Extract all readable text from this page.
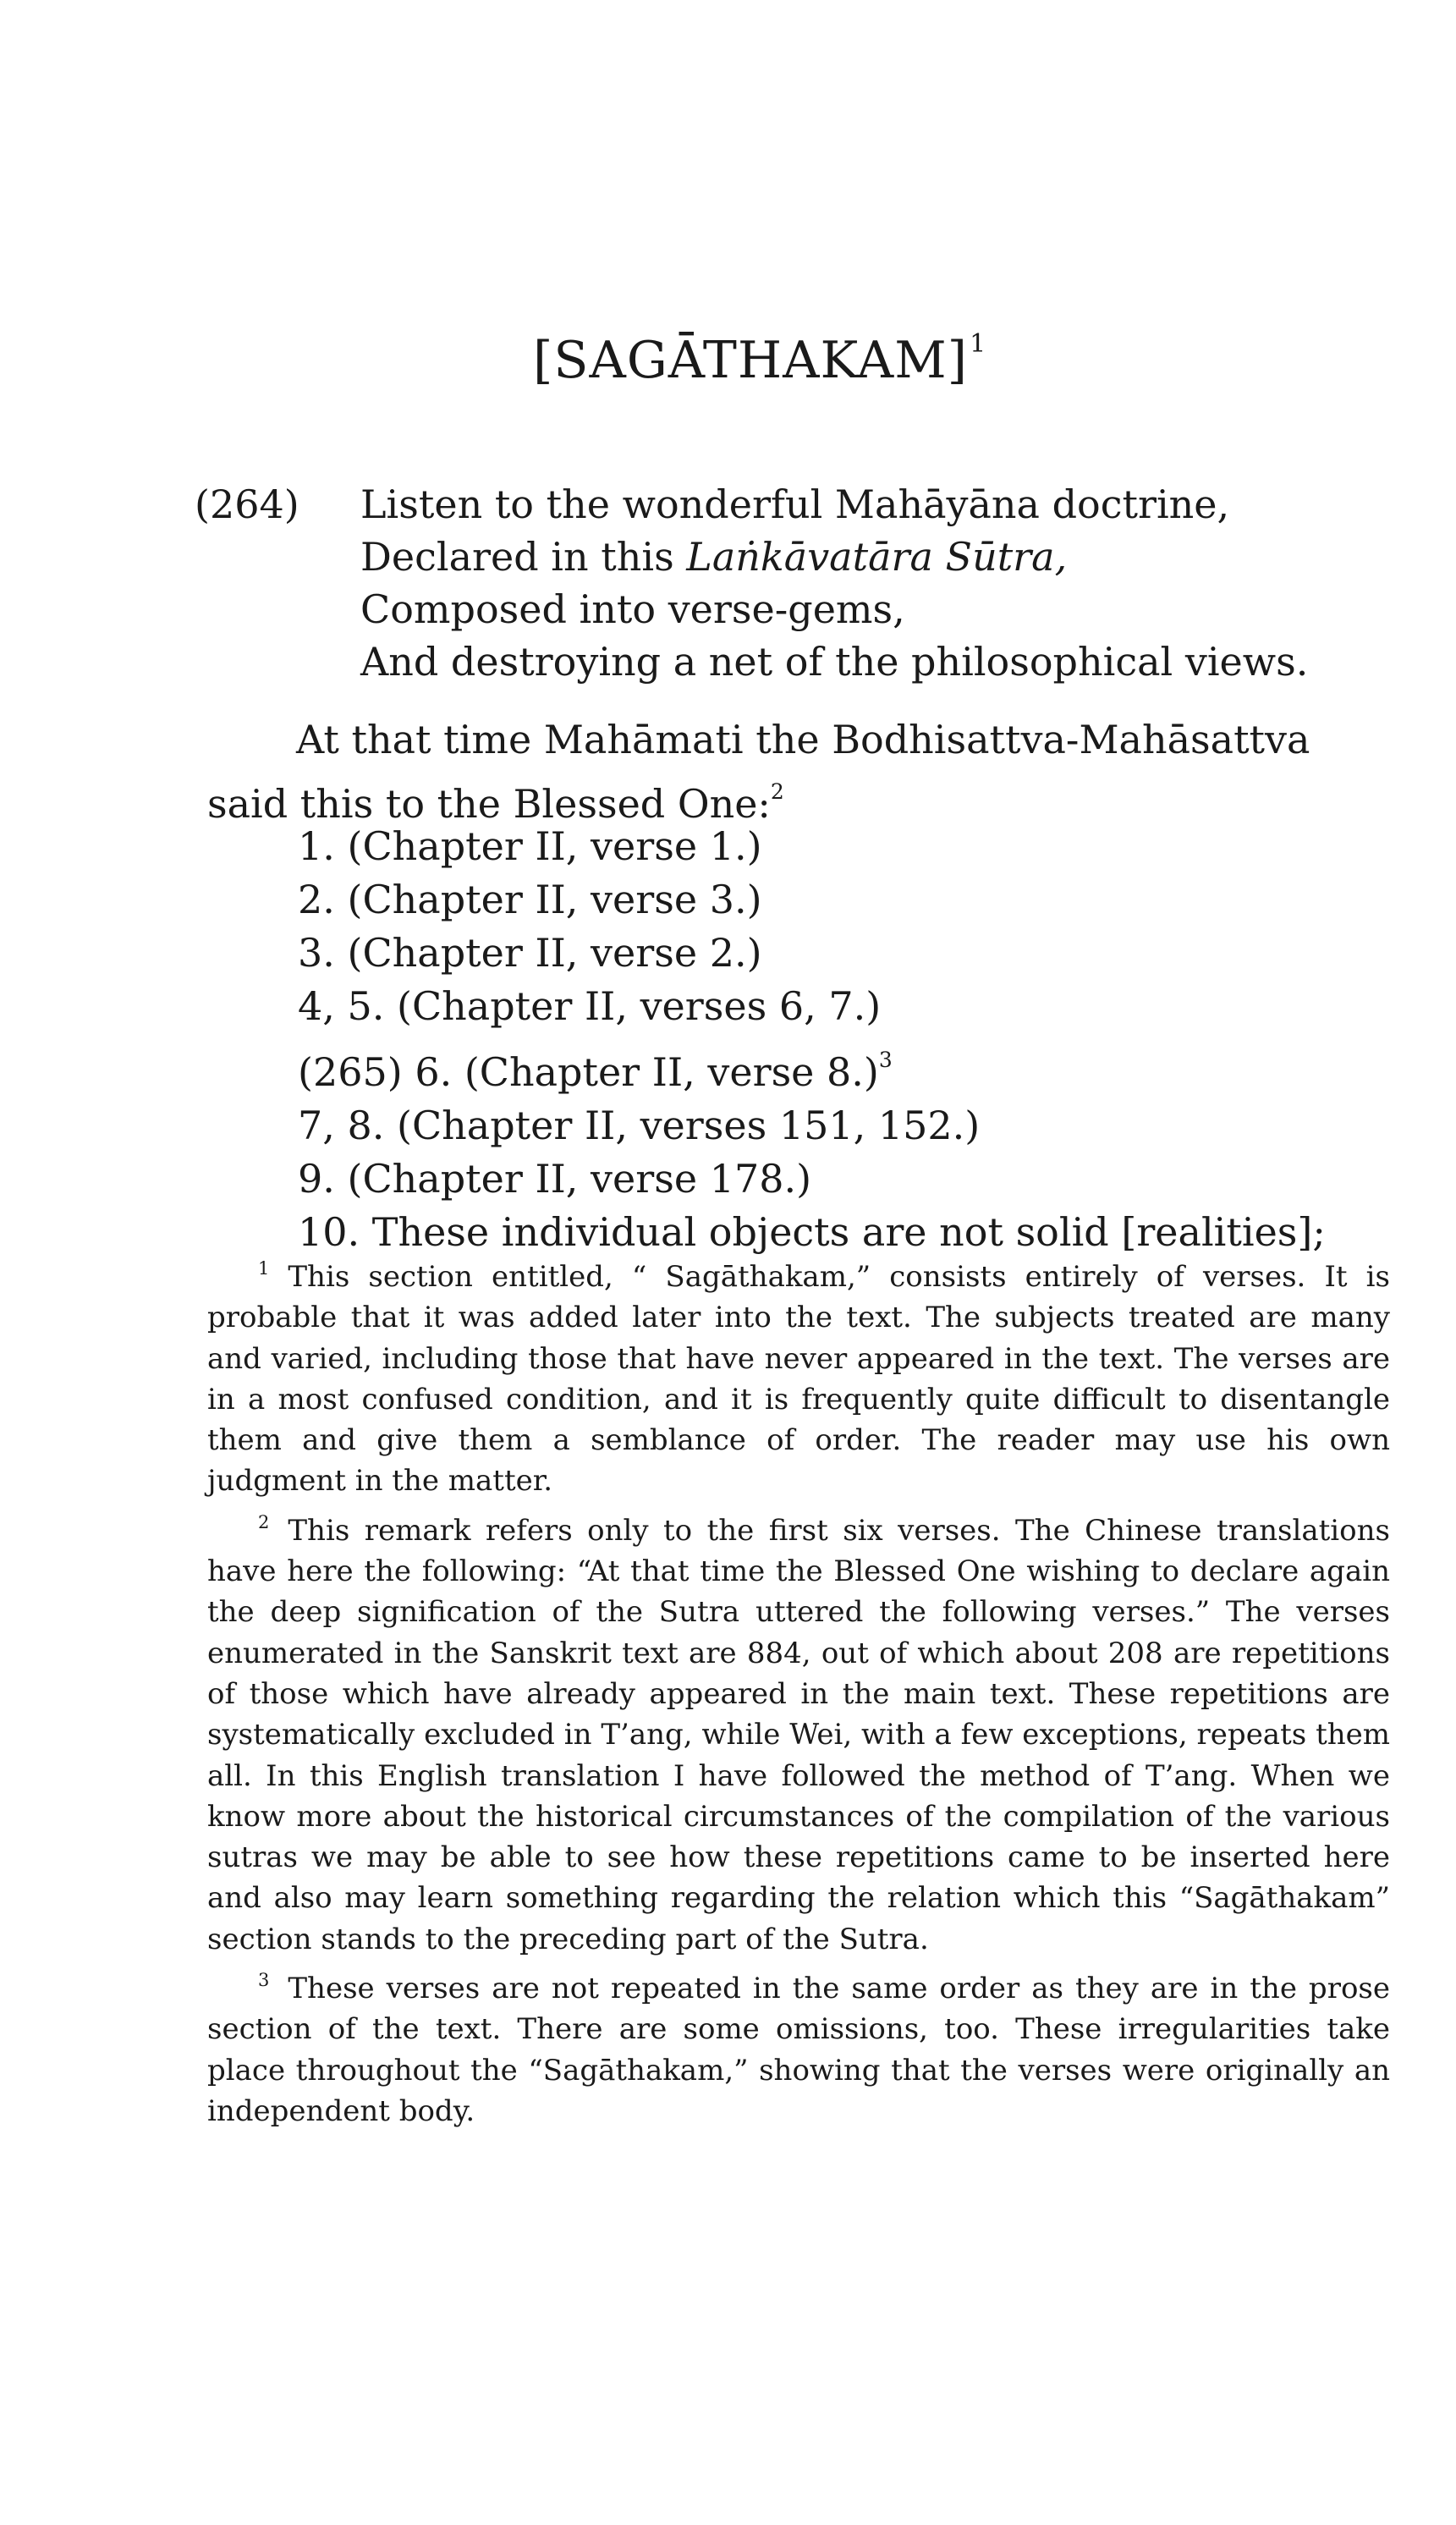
[SAGĀTHAKAM]$^1$
(264) Listen to the wonderful Mahāyāna doctrine,
Declared in this Laṅkāvatāra Sūtra,
Composed into verse-gems,
And destroying a net of the philosophical views.

At that time Mahāmati the Bodhisattva-Mahāsattva said this to the Blessed One:$^2$

1. (Chapter II, verse 1.)
2. (Chapter II, verse 3.)
3. (Chapter II, verse 2.)
4, 5. (Chapter II, verses 6, 7.)
(265) 6. (Chapter II, verse 8.)$^3$
7, 8. (Chapter II, verses 151, 152.)
9. (Chapter II, verse 178.)
10. These individual objects are not solid [realities];

$^1$ This section entitled, “ Sagāthakam,” consists entirely of verses. It is probable that it was added later into the text. The subjects treated are many and varied, including those that have never appeared in the text. The verses are in a most confused condition, and it is frequently quite difficult to disentangle them and give them a semblance of order. The reader may use his own judgment in the matter.

$^2$ This remark refers only to the first six verses. The Chinese translations have here the following: “At that time the Blessed One wishing to declare again the deep signification of the Sutra uttered the following verses.” The verses enumerated in the Sanskrit text are 884, out of which about 208 are repetitions of those which have already appeared in the main text. These repetitions are systematically excluded in T’ang, while Wei, with a few exceptions, repeats them all. In this English translation I have followed the method of T’ang. When we know more about the historical circumstances of the compilation of the various sutras we may be able to see how these repetitions came to be inserted here and also may learn something regarding the relation which this “Sagāthakam” section stands to the preceding part of the Sutra.

$^3$ These verses are not repeated in the same order as they are in the prose section of the text. There are some omissions, too. These irregularities take place throughout the “Sagāthakam,” showing that the verses were originally an independent body.
